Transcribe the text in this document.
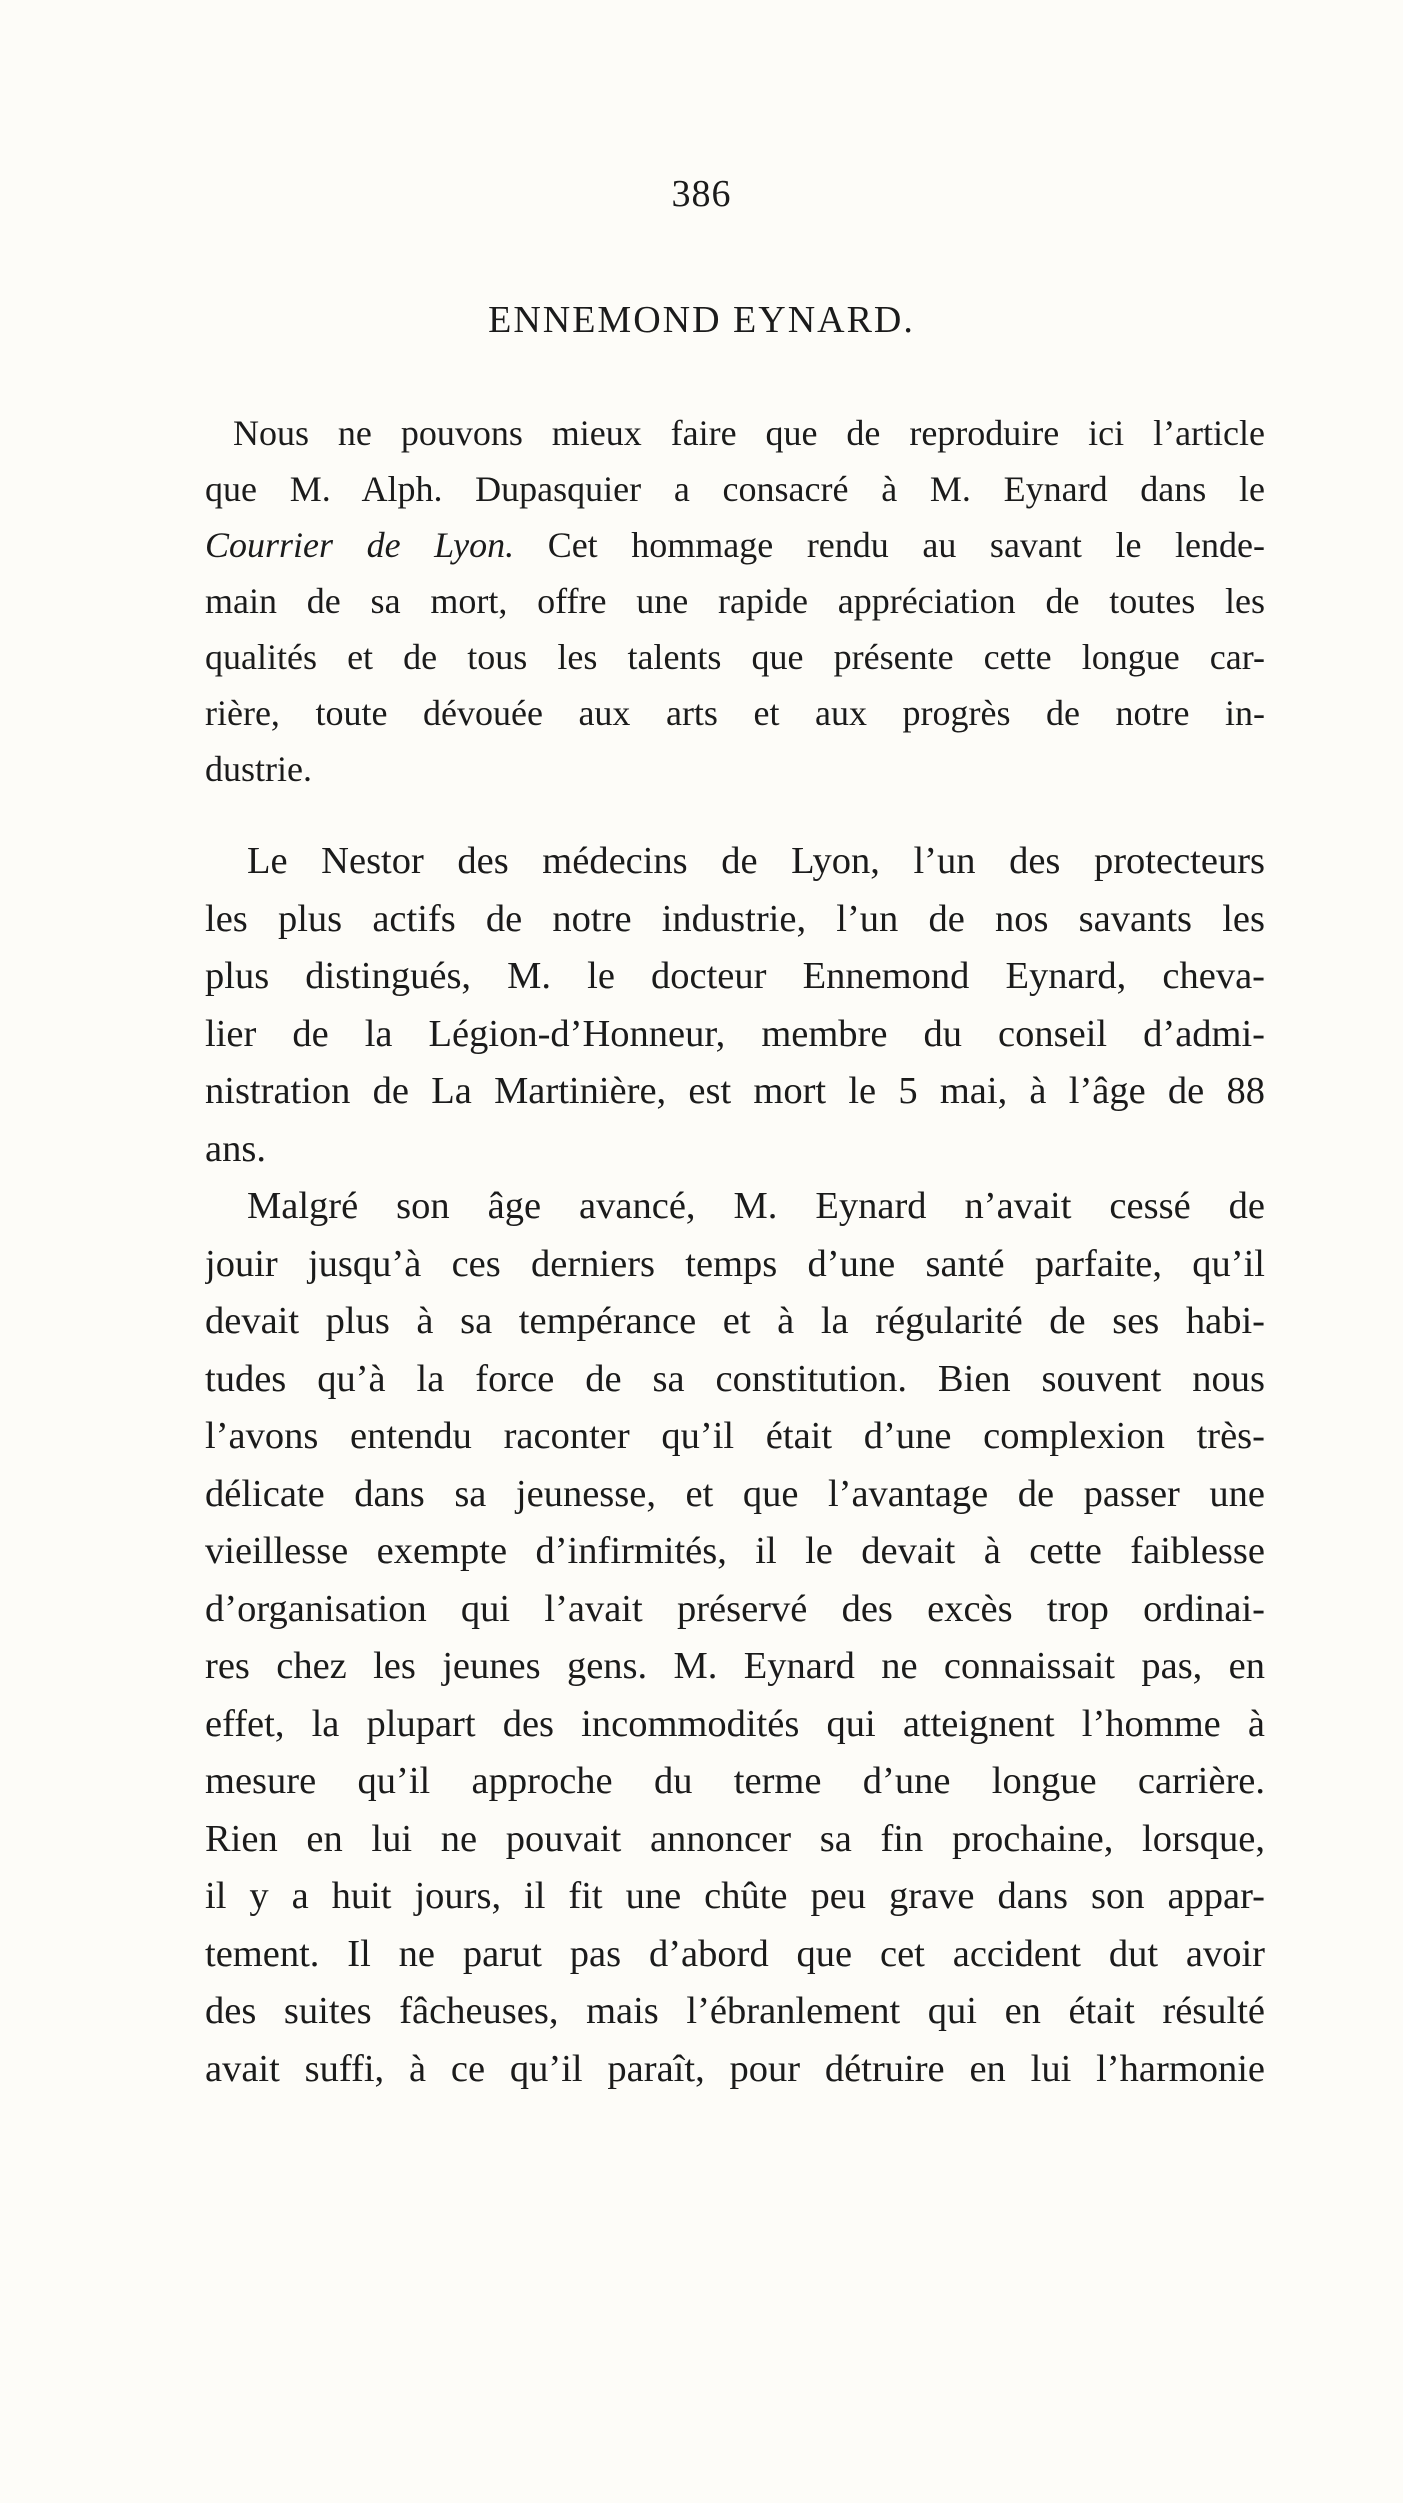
386
ENNEMOND EYNARD.
Nous ne pouvons mieux faire que de reproduire ici l’article
que M. Alph. Dupasquier a consacré à M. Eynard dans le
Courrier de Lyon. Cet hommage rendu au savant le lende-
main de sa mort, offre une rapide appréciation de toutes les
qualités et de tous les talents que présente cette longue car-
rière, toute dévouée aux arts et aux progrès de notre in-
dustrie.
Le Nestor des médecins de Lyon, l’un des protecteurs
les plus actifs de notre industrie, l’un de nos savants les
plus distingués, M. le docteur Ennemond Eynard, cheva-
lier de la Légion-d’Honneur, membre du conseil d’admi-
nistration de La Martinière, est mort le 5 mai, à l’âge de 88
ans.
Malgré son âge avancé, M. Eynard n’avait cessé de
jouir jusqu’à ces derniers temps d’une santé parfaite, qu’il
devait plus à sa tempérance et à la régularité de ses habi-
tudes qu’à la force de sa constitution. Bien souvent nous
l’avons entendu raconter qu’il était d’une complexion très-
délicate dans sa jeunesse, et que l’avantage de passer une
vieillesse exempte d’infirmités, il le devait à cette faiblesse
d’organisation qui l’avait préservé des excès trop ordinai-
res chez les jeunes gens. M. Eynard ne connaissait pas, en
effet, la plupart des incommodités qui atteignent l’homme à
mesure qu’il approche du terme d’une longue carrière.
Rien en lui ne pouvait annoncer sa fin prochaine, lorsque,
il y a huit jours, il fit une chûte peu grave dans son appar-
tement. Il ne parut pas d’abord que cet accident dut avoir
des suites fâcheuses, mais l’ébranlement qui en était résulté
avait suffi, à ce qu’il paraît, pour détruire en lui l’harmonie
